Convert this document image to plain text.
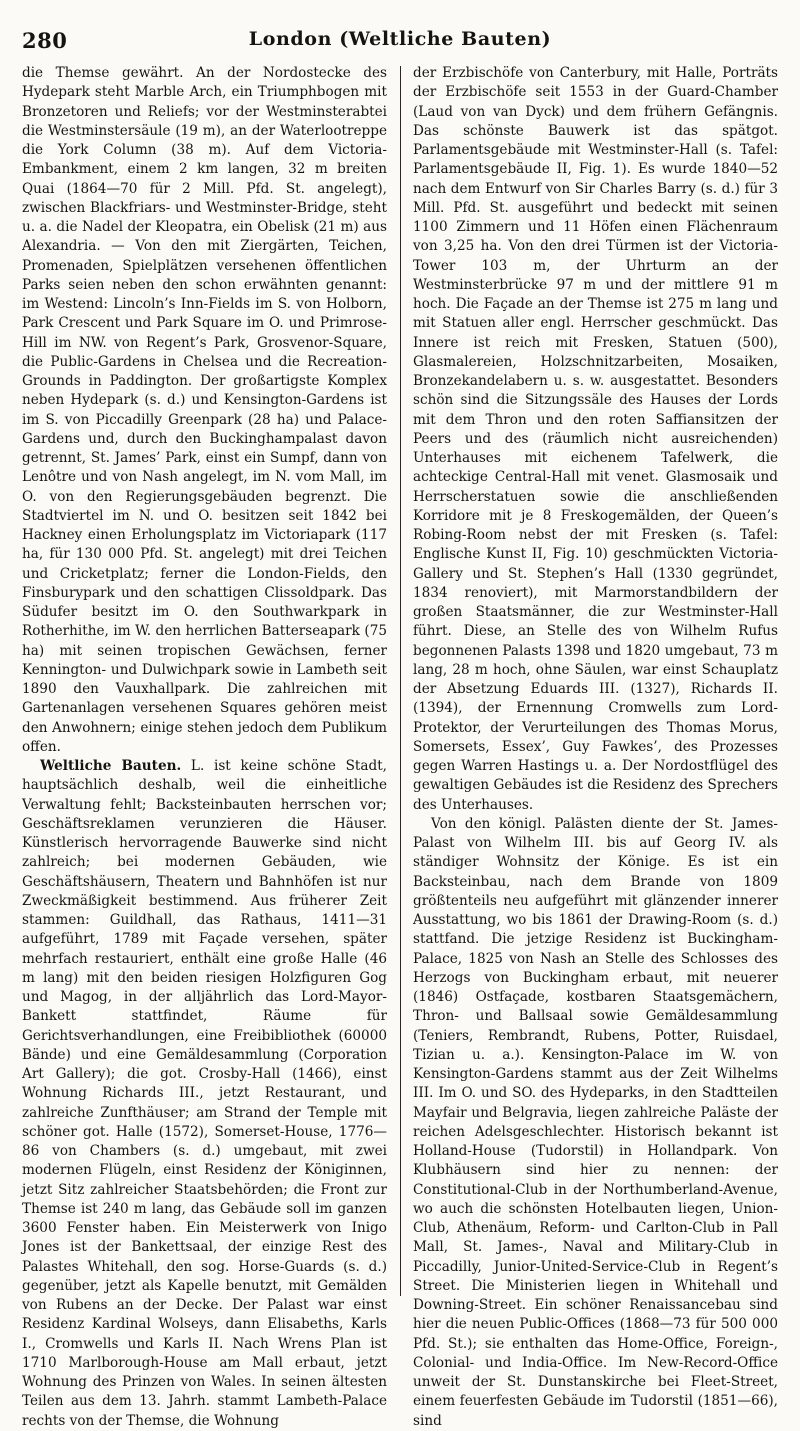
280	London (Weltliche Bauten)

die Themse gewährt. An der Nordostecke des Hydepark steht Marble Arch, ein Triumphbogen mit Bronzetoren und Reliefs; vor der Westminsterabtei die Westminstersäule (19 m), an der Waterlootreppe die York Column (38 m). Auf dem Victoria-Embankment, einem 2 km langen, 32 m breiten Quai (1864—70 für 2 Mill. Pfd. St. angelegt), zwischen Blackfriars- und Westminster-Bridge, steht u. a. die Nadel der Kleopatra, ein Obelisk (21 m) aus Alexandria. — Von den mit Ziergärten, Teichen, Promenaden, Spielplätzen versehenen öffentlichen Parks seien neben den schon erwähnten genannt: im Westend: Lincoln’s Inn-Fields im S. von Holborn, Park Crescent und Park Square im O. und Primrose-Hill im NW. von Regent’s Park, Grosvenor-Square, die Public-Gardens in Chelsea und die Recreation-Grounds in Paddington. Der großartigste Komplex neben Hydepark (s. d.) und Kensington-Gardens ist im S. von Piccadilly Greenpark (28 ha) und Palace-Gardens und, durch den Buckinghampalast davon getrennt, St. James’ Park, einst ein Sumpf, dann von Lenôtre und von Nash angelegt, im N. vom Mall, im O. von den Regierungsgebäuden begrenzt. Die Stadtviertel im N. und O. besitzen seit 1842 bei Hackney einen Erholungsplatz im Victoriapark (117 ha, für 130 000 Pfd. St. angelegt) mit drei Teichen und Cricketplatz; ferner die London-Fields, den Finsburypark und den schattigen Clissoldpark. Das Südufer besitzt im O. den Southwarkpark in Rotherhithe, im W. den herrlichen Batterseapark (75 ha) mit seinen tropischen Gewächsen, ferner Kennington- und Dulwichpark sowie in Lambeth seit 1890 den Vauxhallpark. Die zahlreichen mit Gartenanlagen versehenen Squares gehören meist den Anwohnern; einige stehen jedoch dem Publikum offen.

Weltliche Bauten. L. ist keine schöne Stadt, hauptsächlich deshalb, weil die einheitliche Verwaltung fehlt; Backsteinbauten herrschen vor; Geschäftsreklamen verunzieren die Häuser. Künstlerisch hervorragende Bauwerke sind nicht zahlreich; bei modernen Gebäuden, wie Geschäftshäusern, Theatern und Bahnhöfen ist nur Zweckmäßigkeit bestimmend. Aus früherer Zeit stammen: Guildhall, das Rathaus, 1411—31 aufgeführt, 1789 mit Façade versehen, später mehrfach restauriert, enthält eine große Halle (46 m lang) mit den beiden riesigen Holzfiguren Gog und Magog, in der alljährlich das Lord-Mayor-Bankett stattfindet, Räume für Gerichtsverhandlungen, eine Freibibliothek (60000 Bände) und eine Gemäldesammlung (Corporation Art Gallery); die got. Crosby-Hall (1466), einst Wohnung Richards III., jetzt Restaurant, und zahlreiche Zunfthäuser; am Strand der Temple mit schöner got. Halle (1572), Somerset-House, 1776—86 von Chambers (s. d.) umgebaut, mit zwei modernen Flügeln, einst Residenz der Königinnen, jetzt Sitz zahlreicher Staatsbehörden; die Front zur Themse ist 240 m lang, das Gebäude soll im ganzen 3600 Fenster haben. Ein Meisterwerk von Inigo Jones ist der Bankettsaal, der einzige Rest des Palastes Whitehall, den sog. Horse-Guards (s. d.) gegenüber, jetzt als Kapelle benutzt, mit Gemälden von Rubens an der Decke. Der Palast war einst Residenz Kardinal Wolseys, dann Elisabeths, Karls I., Cromwells und Karls II. Nach Wrens Plan ist 1710 Marlborough-House am Mall erbaut, jetzt Wohnung des Prinzen von Wales. In seinen ältesten Teilen aus dem 13. Jahrh. stammt Lambeth-Palace rechts von der Themse, die Wohnung

der Erzbischöfe von Canterbury, mit Halle, Porträts der Erzbischöfe seit 1553 in der Guard-Chamber (Laud von van Dyck) und dem frühern Gefängnis. Das schönste Bauwerk ist das spätgot. Parlamentsgebäude mit Westminster-Hall (s. Tafel: Parlamentsgebäude II, Fig. 1). Es wurde 1840—52 nach dem Entwurf von Sir Charles Barry (s. d.) für 3 Mill. Pfd. St. ausgeführt und bedeckt mit seinen 1100 Zimmern und 11 Höfen einen Flächenraum von 3,25 ha. Von den drei Türmen ist der Victoria-Tower 103 m, der Uhrturm an der Westminsterbrücke 97 m und der mittlere 91 m hoch. Die Façade an der Themse ist 275 m lang und mit Statuen aller engl. Herrscher geschmückt. Das Innere ist reich mit Fresken, Statuen (500), Glasmalereien, Holzschnitzarbeiten, Mosaiken, Bronzekandelabern u. s. w. ausgestattet. Besonders schön sind die Sitzungssäle des Hauses der Lords mit dem Thron und den roten Saffiansitzen der Peers und des (räumlich nicht ausreichenden) Unterhauses mit eichenem Tafelwerk, die achteckige Central-Hall mit venet. Glasmosaik und Herrscherstatuen sowie die anschließenden Korridore mit je 8 Freskogemälden, der Queen’s Robing-Room nebst der mit Fresken (s. Tafel: Englische Kunst II, Fig. 10) geschmückten Victoria-Gallery und St. Stephen’s Hall (1330 gegründet, 1834 renoviert), mit Marmorstandbildern der großen Staatsmänner, die zur Westminster-Hall führt. Diese, an Stelle des von Wilhelm Rufus begonnenen Palasts 1398 und 1820 umgebaut, 73 m lang, 28 m hoch, ohne Säulen, war einst Schauplatz der Absetzung Eduards III. (1327), Richards II. (1394), der Ernennung Cromwells zum Lord-Protektor, der Verurteilungen des Thomas Morus, Somersets, Essex’, Guy Fawkes’, des Prozesses gegen Warren Hastings u. a. Der Nordostflügel des gewaltigen Gebäudes ist die Residenz des Sprechers des Unterhauses.

Von den königl. Palästen diente der St. James-Palast von Wilhelm III. bis auf Georg IV. als ständiger Wohnsitz der Könige. Es ist ein Backsteinbau, nach dem Brande von 1809 größtenteils neu aufgeführt mit glänzender innerer Ausstattung, wo bis 1861 der Drawing-Room (s. d.) stattfand. Die jetzige Residenz ist Buckingham-Palace, 1825 von Nash an Stelle des Schlosses des Herzogs von Buckingham erbaut, mit neuerer (1846) Ostfaçade, kostbaren Staatsgemächern, Thron- und Ballsaal sowie Gemäldesammlung (Teniers, Rembrandt, Rubens, Potter, Ruisdael, Tizian u. a.). Kensington-Palace im W. von Kensington-Gardens stammt aus der Zeit Wilhelms III. Im O. und SO. des Hydeparks, in den Stadtteilen Mayfair und Belgravia, liegen zahlreiche Paläste der reichen Adelsgeschlechter. Historisch bekannt ist Holland-House (Tudorstil) in Hollandpark. Von Klubhäusern sind hier zu nennen: der Constitutional-Club in der Northumberland-Avenue, wo auch die schönsten Hotelbauten liegen, Union-Club, Athenäum, Reform- und Carlton-Club in Pall Mall, St. James-, Naval and Military-Club in Piccadilly, Junior-United-Service-Club in Regent’s Street. Die Ministerien liegen in Whitehall und Downing-Street. Ein schöner Renaissancebau sind hier die neuen Public-Offices (1868—73 für 500 000 Pfd. St.); sie enthalten das Home-Office, Foreign-, Colonial- und India-Office. Im New-Record-Office unweit der St. Dunstanskirche bei Fleet-Street, einem feuerfesten Gebäude im Tudorstil (1851—66), sind
